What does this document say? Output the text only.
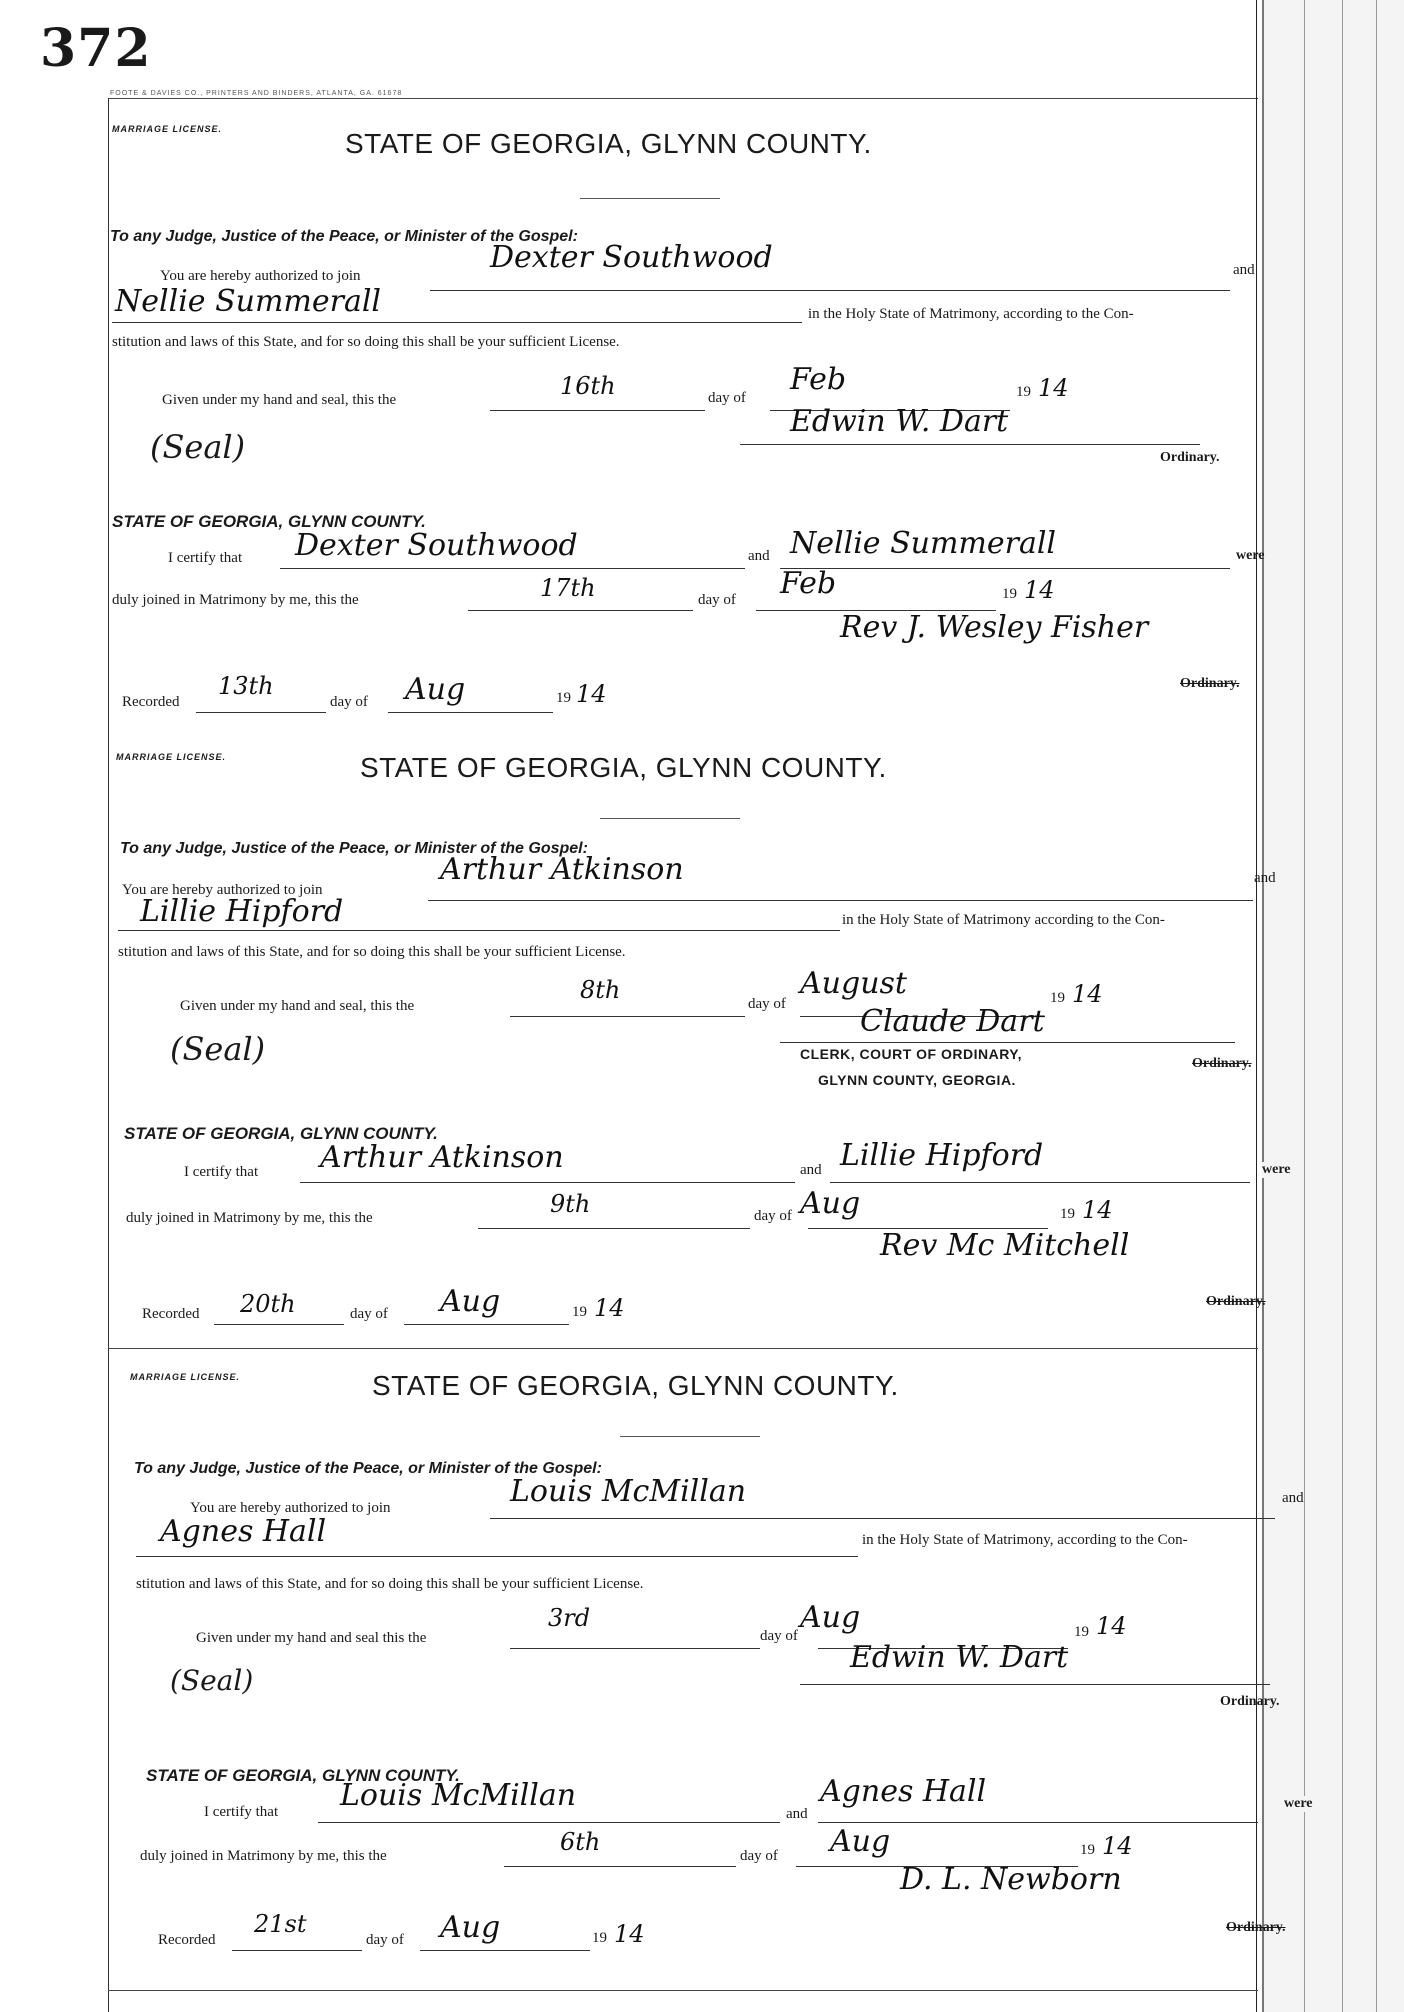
372
FOOTE & DAVIES CO., PRINTERS AND BINDERS, ATLANTA, GA. 61678
MARRIAGE LICENSE.	STATE OF GEORGIA, GLYNN COUNTY.
To any Judge, Justice of the Peace, or Minister of the Gospel:
You are hereby authorized to join
Dexter Southwood	and
Nellie Summerall	in the Holy State of Matrimony, according to the Con-
stitution and laws of this State, and for so doing this shall be your sufficient License.
Given under my hand and seal, this the	16th	day of
Feb	19 14
(Seal)
Edwin W. Dart
Ordinary.
STATE OF GEORGIA, GLYNN COUNTY.
I certify that Dexter Southwood	and Nellie Summerall	were
duly joined in Matrimony by me, this the	17th	day of Feb	19 14
Rev J. Wesley Fisher
Ordinary.
Recorded
13th
day of Aug	19 14
MARRIAGE LICENSE.	STATE OF GEORGIA, GLYNN COUNTY.
To any Judge, Justice of the Peace, or Minister of the Gospel:
You are hereby authorized to join
Arthur Atkinson	and
Lillie Hipford	in the Holy State of Matrimony according to the Con-
stitution and laws of this State, and for so doing this shall be your sufficient License.
Given under my hand and seal, this the
8th	day of
August	19 14
(Seal)
Claude Dart
CLERK, COURT OF ORDINARY,
GLYNN COUNTY, GEORGIA.
Ordinary.
STATE OF GEORGIA, GLYNN COUNTY.
I certify that Arthur Atkinson	and Lillie Hipford	were
duly joined in Matrimony by me, this the	9th	day of Aug	19 14
Rev Mc Mitchell
Ordinary.
Recorded 20th	day of Aug	19 14
MARRIAGE LICENSE.	STATE OF GEORGIA, GLYNN COUNTY.
To any Judge, Justice of the Peace, or Minister of the Gospel:
You are hereby authorized to join	Louis McMillan	and
Agnes Hall	in the Holy State of Matrimony, according to the Con-
stitution and laws of this State, and for so doing this shall be your sufficient License.
Given under my hand and seal this the
3rd
day of
Aug	19 14
(Seal)
Edwin W. Dart
Ordinary.
STATE OF GEORGIA, GLYNN COUNTY.
I certify that Louis McMillan
and
Agnes Hall	were
duly joined in Matrimony by me, this the	6th	day of Aug	19 14
D. L. Newborn
Ordinary.
Recorded
21st
day of Aug	19 14
